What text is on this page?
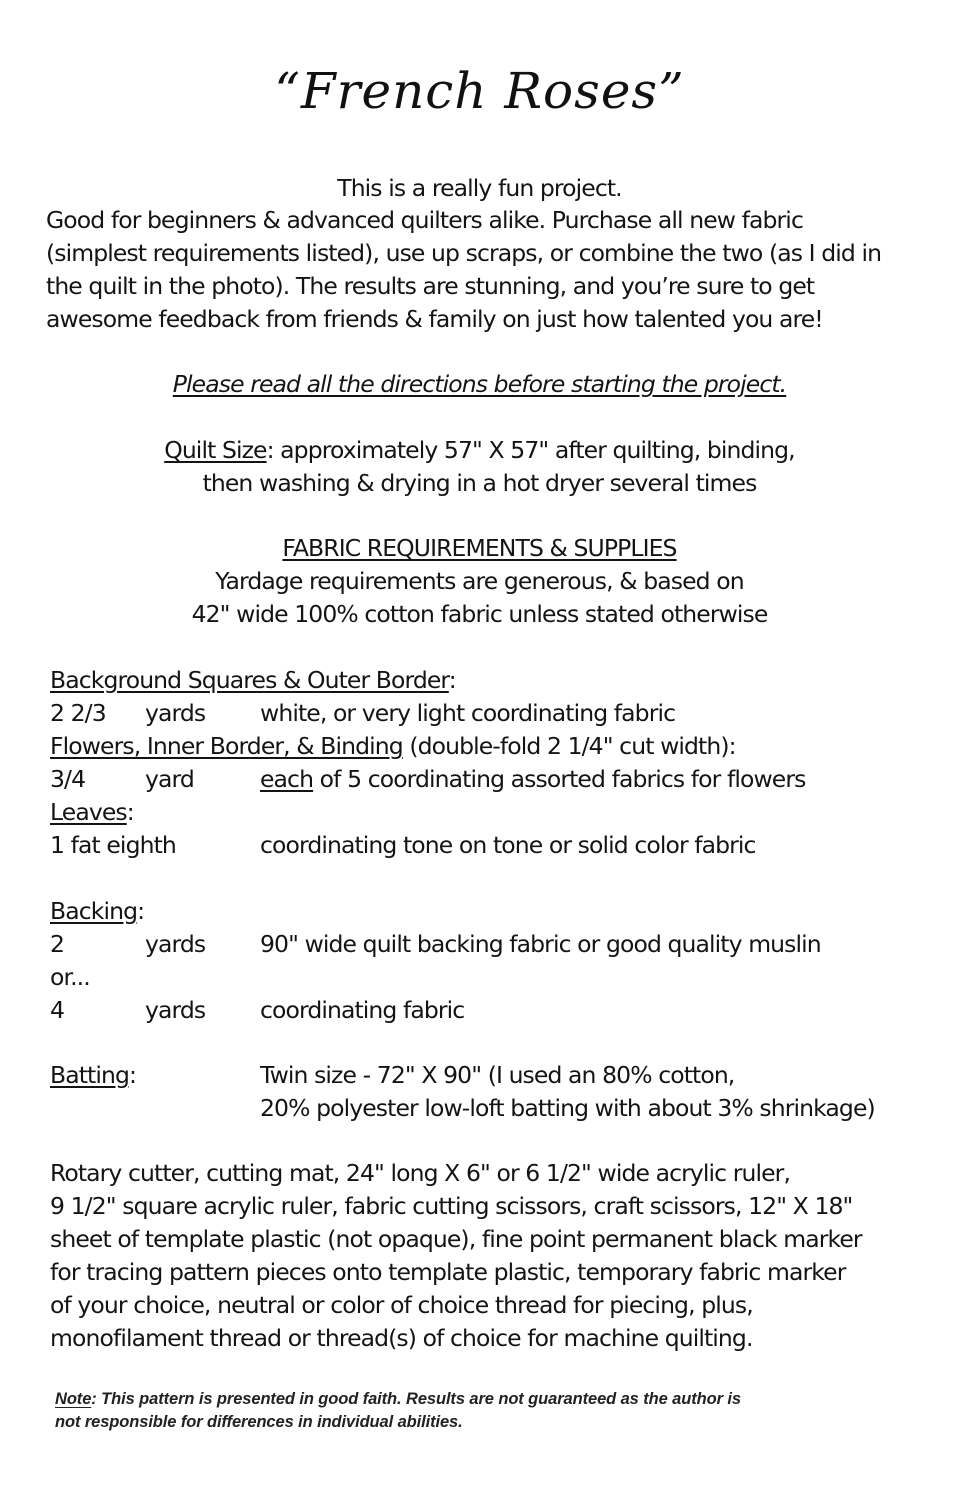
“French Roses”
This is a really fun project.
Good for beginners & advanced quilters alike. Purchase all new fabric
(simplest requirements listed), use up scraps, or combine the two (as I did in
the quilt in the photo). The results are stunning, and you’re sure to get
awesome feedback from friends & family on just how talented you are!
Please read all the directions before starting the project.
Quilt Size: approximately 57" X 57" after quilting, binding,
then washing & drying in a hot dryer several times
FABRIC REQUIREMENTS & SUPPLIES
Yardage requirements are generous, & based on
42" wide 100% cotton fabric unless stated otherwise
Background Squares & Outer Border:
2 2/3 yards white, or very light coordinating fabric
Flowers, Inner Border, & Binding (double-fold 2 1/4" cut width):
3/4	yard	each of 5 coordinating assorted fabrics for flowers
Leaves:
1 fat eighth	coordinating tone on tone or solid color fabric
Backing:
2	yards 90" wide quilt backing fabric or good quality muslin
or...
4	yards coordinating fabric
Batting:	Twin size - 72" X 90" (I used an 80% cotton,
20% polyester low-loft batting with about 3% shrinkage)
Rotary cutter, cutting mat, 24" long X 6" or 6 1/2" wide acrylic ruler,
9 1/2" square acrylic ruler, fabric cutting scissors, craft scissors, 12" X 18"
sheet of template plastic (not opaque), fine point permanent black marker
for tracing pattern pieces onto template plastic, temporary fabric marker
of your choice, neutral or color of choice thread for piecing, plus,
monofilament thread or thread(s) of choice for machine quilting.
Note: This pattern is presented in good faith. Results are not guaranteed as the author is
not responsible for differences in individual abilities.
